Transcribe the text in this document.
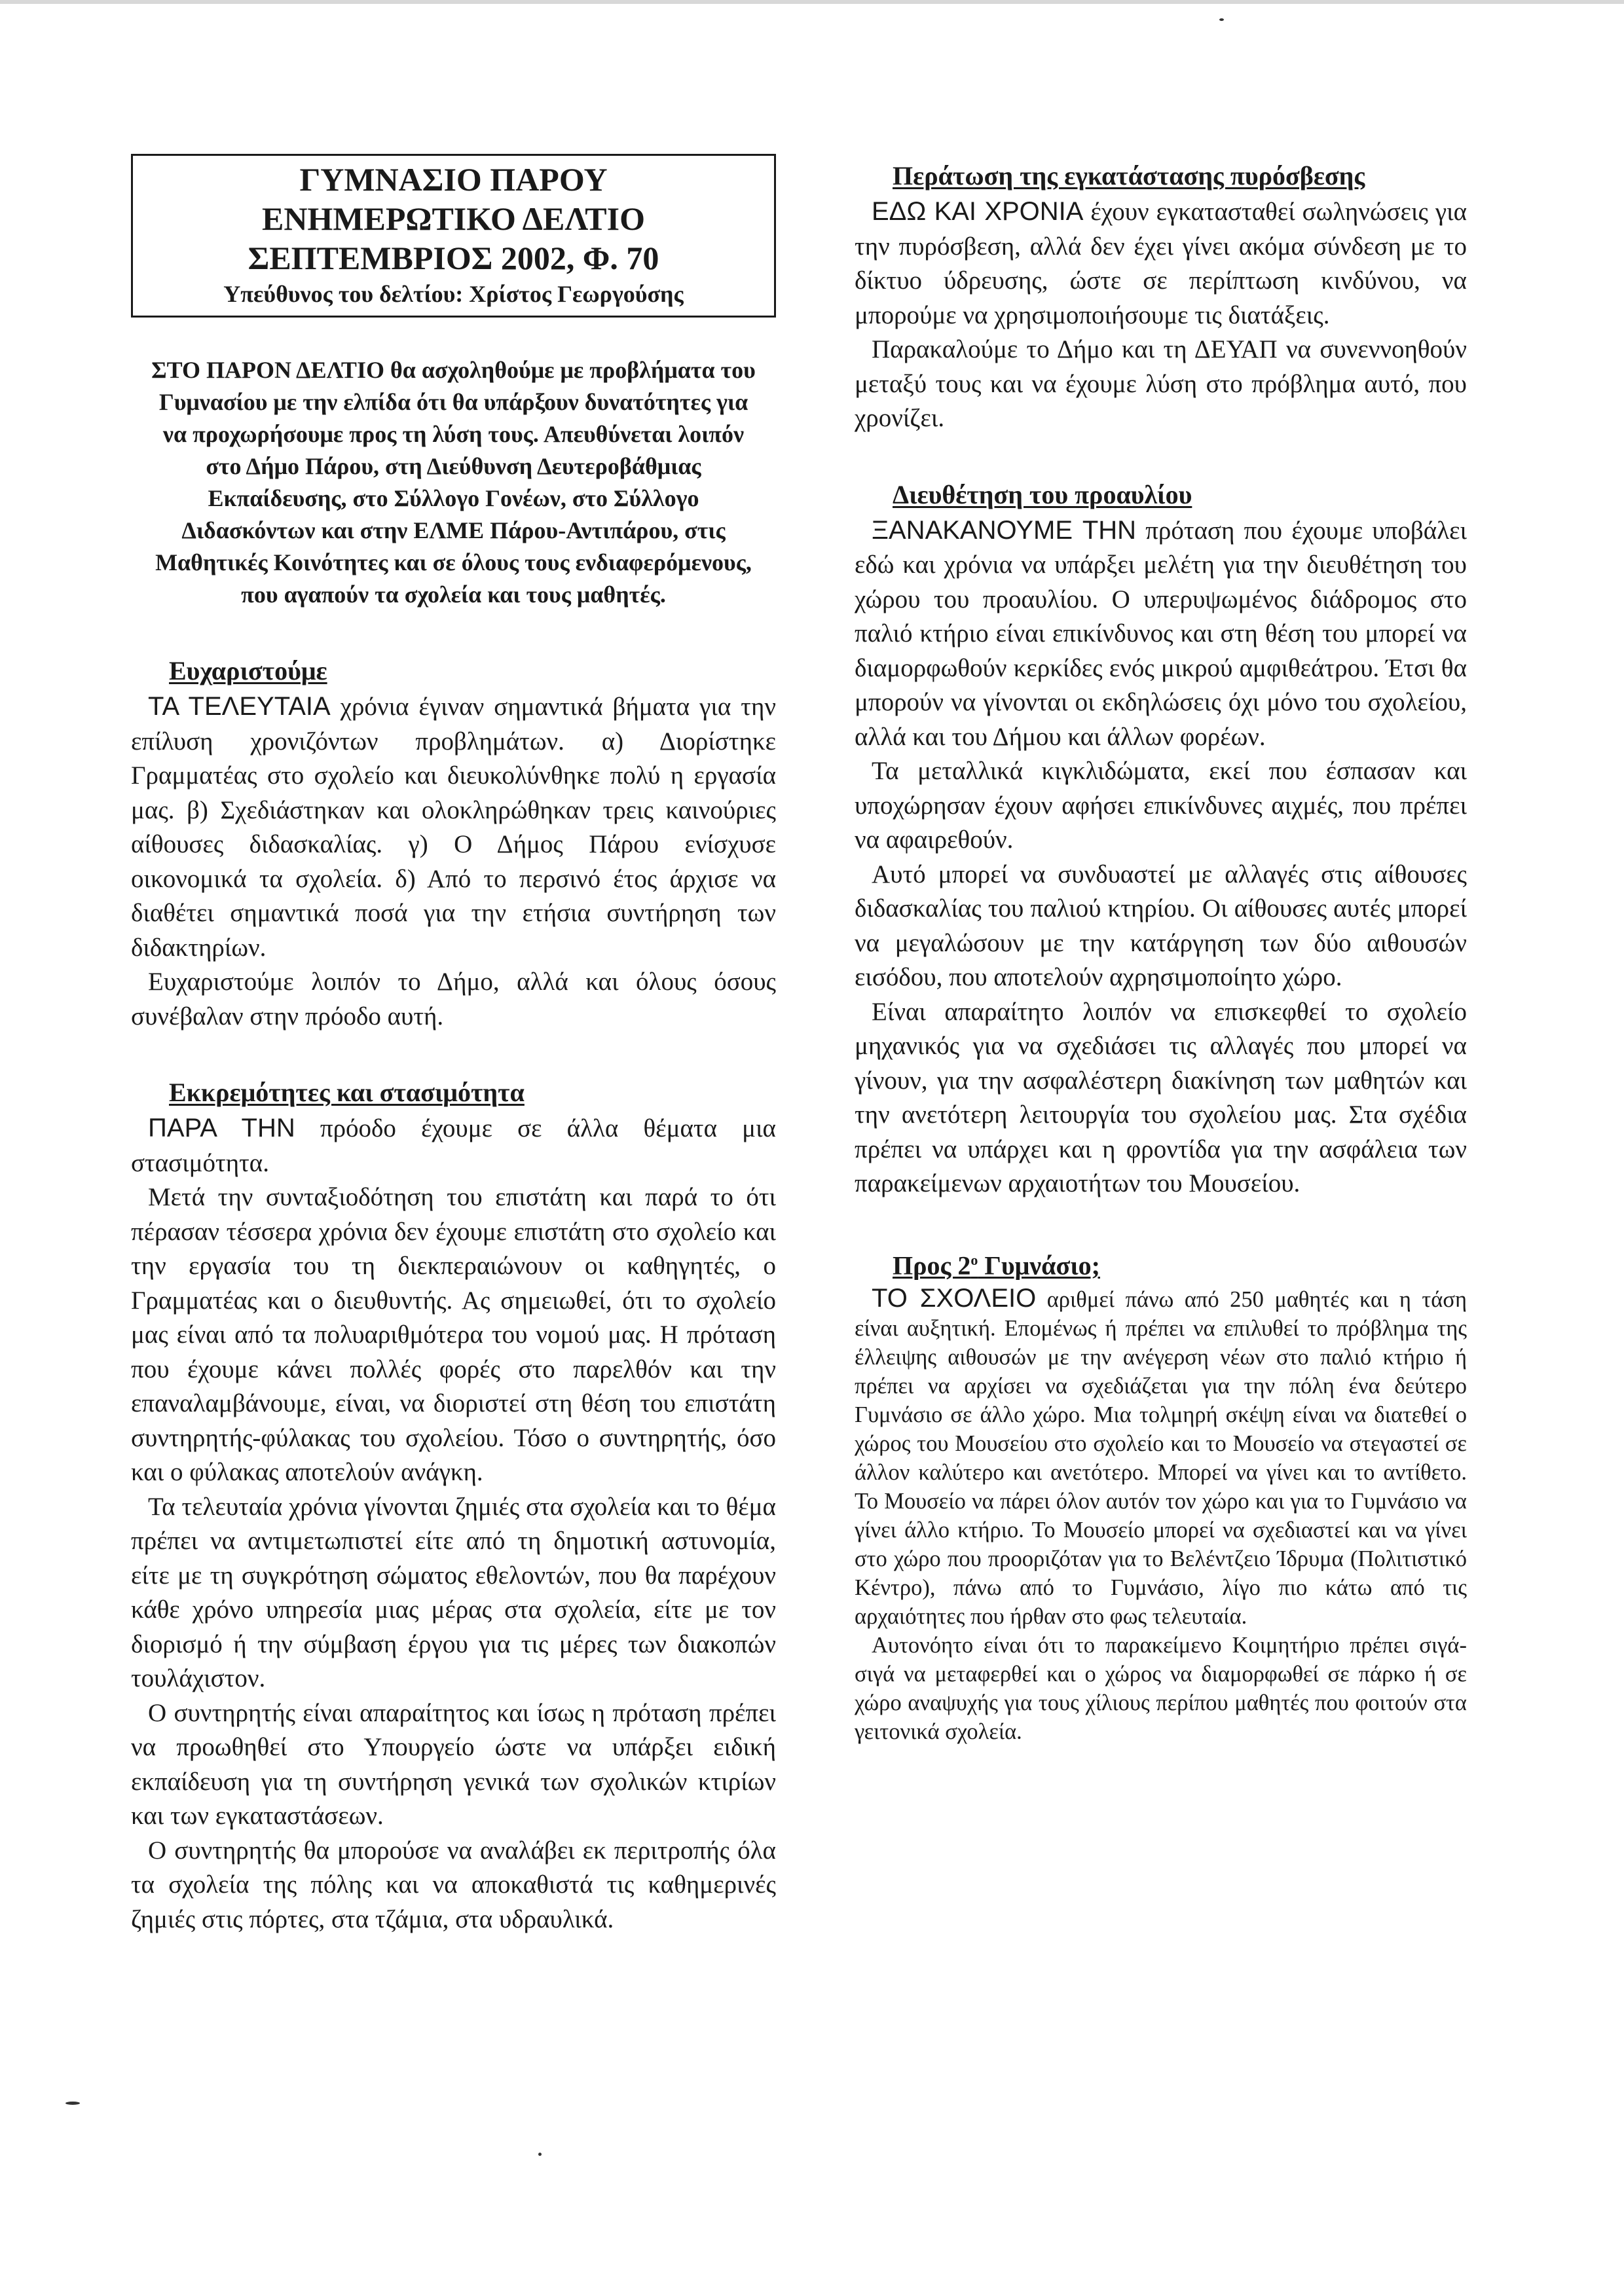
ΓΥΜΝΑΣΙΟ ΠΑΡΟΥ
ΕΝΗΜΕΡΩΤΙΚΟ ΔΕΛΤΙΟ
ΣΕΠΤΕΜΒΡΙΟΣ 2002, Φ. 70
Υπεύθυνος του δελτίου: Χρίστος Γεωργούσης
ΣΤΟ ΠΑΡΟΝ ΔΕΛΤΙΟ θα ασχοληθούμε με προβλήματα του Γυμνασίου με την ελπίδα ότι θα υπάρξουν δυνατότητες για να προχωρήσουμε προς τη λύση τους. Απευθύνεται λοιπόν στο Δήμο Πάρου, στη Διεύθυνση Δευτεροβάθμιας Εκπαίδευσης, στο Σύλλογο Γονέων, στο Σύλλογο Διδασκόντων και στην ΕΛΜΕ Πάρου-Αντιπάρου, στις Μαθητικές Κοινότητες και σε όλους τους ενδιαφερόμενους, που αγαπούν τα σχολεία και τους μαθητές.
Ευχαριστούμε

ΤΑ ΤΕΛΕΥΤΑΙΑ χρόνια έγιναν σημαντικά βήματα για την επίλυση χρονιζόντων προβλημάτων. α) Διορίστηκε Γραμματέας στο σχολείο και διευκολύνθηκε πολύ η εργασία μας. β) Σχεδιάστηκαν και ολοκληρώθηκαν τρεις καινούριες αίθουσες διδασκαλίας. γ) Ο Δήμος Πάρου ενίσχυσε οικονομικά τα σχολεία. δ) Από το περσινό έτος άρχισε να διαθέτει σημαντικά ποσά για την ετήσια συντήρηση των διδακτηρίων.

Ευχαριστούμε λοιπόν το Δήμο, αλλά και όλους όσους συνέβαλαν στην πρόοδο αυτή.

Εκκρεμότητες και στασιμότητα

ΠΑΡΑ ΤΗΝ πρόοδο έχουμε σε άλλα θέματα μια στασιμότητα.

Μετά την συνταξιοδότηση του επιστάτη και παρά το ότι πέρασαν τέσσερα χρόνια δεν έχουμε επιστάτη στο σχολείο και την εργασία του τη διεκπεραιώνουν οι καθηγητές, ο Γραμματέας και ο διευθυντής. Ας σημειωθεί, ότι το σχολείο μας είναι από τα πολυαριθμότερα του νομού μας. Η πρόταση που έχουμε κάνει πολλές φορές στο παρελθόν και την επαναλαμβάνουμε, είναι, να διοριστεί στη θέση του επιστάτη συντηρητής-φύλακας του σχολείου. Τόσο ο συντηρητής, όσο και ο φύλακας αποτελούν ανάγκη.

Τα τελευταία χρόνια γίνονται ζημιές στα σχολεία και το θέμα πρέπει να αντιμετωπιστεί είτε από τη δημοτική αστυνομία, είτε με τη συγκρότηση σώματος εθελοντών, που θα παρέχουν κάθε χρόνο υπηρεσία μιας μέρας στα σχολεία, είτε με τον διορισμό ή την σύμβαση έργου για τις μέρες των διακοπών τουλάχιστον.

Ο συντηρητής είναι απαραίτητος και ίσως η πρόταση πρέπει να προωθηθεί στο Υπουργείο ώστε να υπάρξει ειδική εκπαίδευση για τη συντήρηση γενικά των σχολικών κτιρίων και των εγκαταστάσεων.

Ο συντηρητής θα μπορούσε να αναλάβει εκ περιτροπής όλα τα σχολεία της πόλης και να αποκαθιστά τις καθημερινές ζημιές στις πόρτες, στα τζάμια, στα υδραυλικά.

Περάτωση της εγκατάστασης πυρόσβεσης

ΕΔΩ ΚΑΙ ΧΡΟΝΙΑ έχουν εγκατασταθεί σωληνώσεις για την πυρόσβεση, αλλά δεν έχει γίνει ακόμα σύνδεση με το δίκτυο ύδρευσης, ώστε σε περίπτωση κινδύνου, να μπορούμε να χρησιμοποιήσουμε τις διατάξεις.

Παρακαλούμε το Δήμο και τη ΔΕΥΑΠ να συνεννοηθούν μεταξύ τους και να έχουμε λύση στο πρόβλημα αυτό, που χρονίζει.

Διευθέτηση του προαυλίου

ΞΑΝΑΚΑΝΟΥΜΕ ΤΗΝ πρόταση που έχουμε υποβάλει εδώ και χρόνια να υπάρξει μελέτη για την διευθέτηση του χώρου του προαυλίου. Ο υπερυψωμένος διάδρομος στο παλιό κτήριο είναι επικίνδυνος και στη θέση του μπορεί να διαμορφωθούν κερκίδες ενός μικρού αμφιθεάτρου. Έτσι θα μπορούν να γίνονται οι εκδηλώσεις όχι μόνο του σχολείου, αλλά και του Δήμου και άλλων φορέων.

Τα μεταλλικά κιγκλιδώματα, εκεί που έσπασαν και υποχώρησαν έχουν αφήσει επικίνδυνες αιχμές, που πρέπει να αφαιρεθούν.

Αυτό μπορεί να συνδυαστεί με αλλαγές στις αίθουσες διδασκαλίας του παλιού κτηρίου. Οι αίθουσες αυτές μπορεί να μεγαλώσουν με την κατάργηση των δύο αιθουσών εισόδου, που αποτελούν αχρησιμοποίητο χώρο.

Είναι απαραίτητο λοιπόν να επισκεφθεί το σχολείο μηχανικός για να σχεδιάσει τις αλλαγές που μπορεί να γίνουν, για την ασφαλέστερη διακίνηση των μαθητών και την ανετότερη λειτουργία του σχολείου μας. Στα σχέδια πρέπει να υπάρχει και η φροντίδα για την ασφάλεια των παρακείμενων αρχαιοτήτων του Μουσείου.

Προς $2^o$ Γυμνάσιο;

ΤΟ ΣΧΟΛΕΙΟ αριθμεί πάνω από 250 μαθητές και η τάση είναι αυξητική. Επομένως ή πρέπει να επιλυθεί το πρόβλημα της έλλειψης αιθουσών με την ανέγερση νέων στο παλιό κτήριο ή πρέπει να αρχίσει να σχεδιάζεται για την πόλη ένα δεύτερο Γυμνάσιο σε άλλο χώρο. Μια τολμηρή σκέψη είναι να διατεθεί ο χώρος του Μουσείου στο σχολείο και το Μουσείο να στεγαστεί σε άλλον καλύτερο και ανετότερο. Μπορεί να γίνει και το αντίθετο. Το Μουσείο να πάρει όλον αυτόν τον χώρο και για το Γυμνάσιο να γίνει άλλο κτήριο. Το Μουσείο μπορεί να σχεδιαστεί και να γίνει στο χώρο που προοριζόταν για το Βελέντζειο Ίδρυμα (Πολιτιστικό Κέντρο), πάνω από το Γυμνάσιο, λίγο πιο κάτω από τις αρχαιότητες που ήρθαν στο φως τελευταία.

Αυτονόητο είναι ότι το παρακείμενο Κοιμητήριο πρέπει σιγά-σιγά να μεταφερθεί και ο χώρος να διαμορφωθεί σε πάρκο ή σε χώρο αναψυχής για τους χίλιους περίπου μαθητές που φοιτούν στα γειτονικά σχολεία.
